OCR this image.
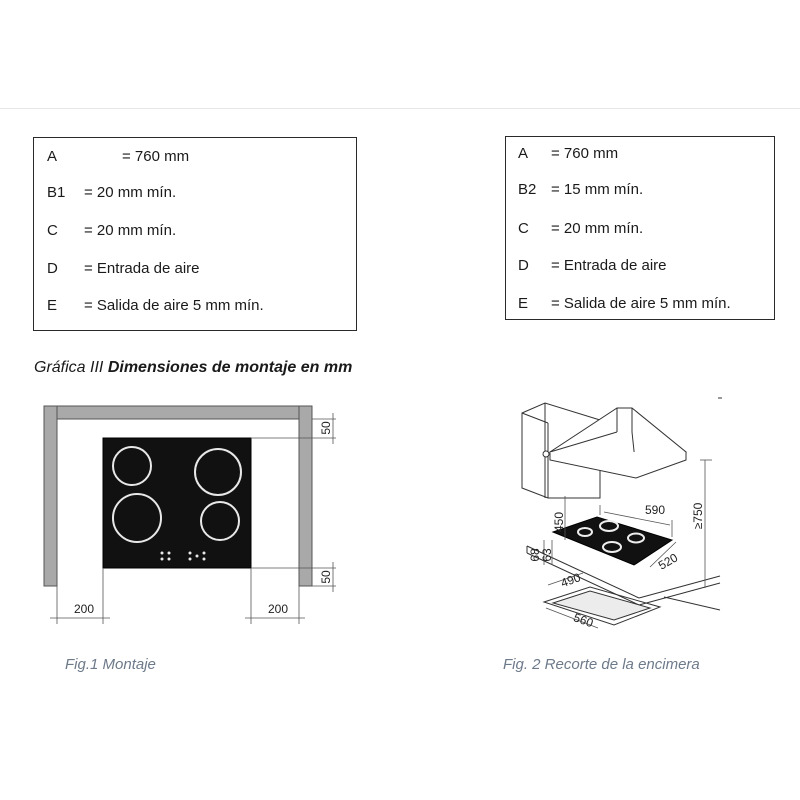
A	= 760 mm
B1	= 20 mm mín.
C	= 20 mm mín.
D	= Entrada de aire
E	= Salida de aire 5 mm mín.
A	= 760 mm
B2 = 15 mm mín.
C	= 20 mm mín.
D	= Entrada de aire
E	= Salida de aire 5 mm mín.
Gráfica III Dimensiones de montaje en mm
50
50
200	200
450
590
520
≥750
68
63
490
560
Fig.1 Montaje	Fig. 2 Recorte de la encimera
